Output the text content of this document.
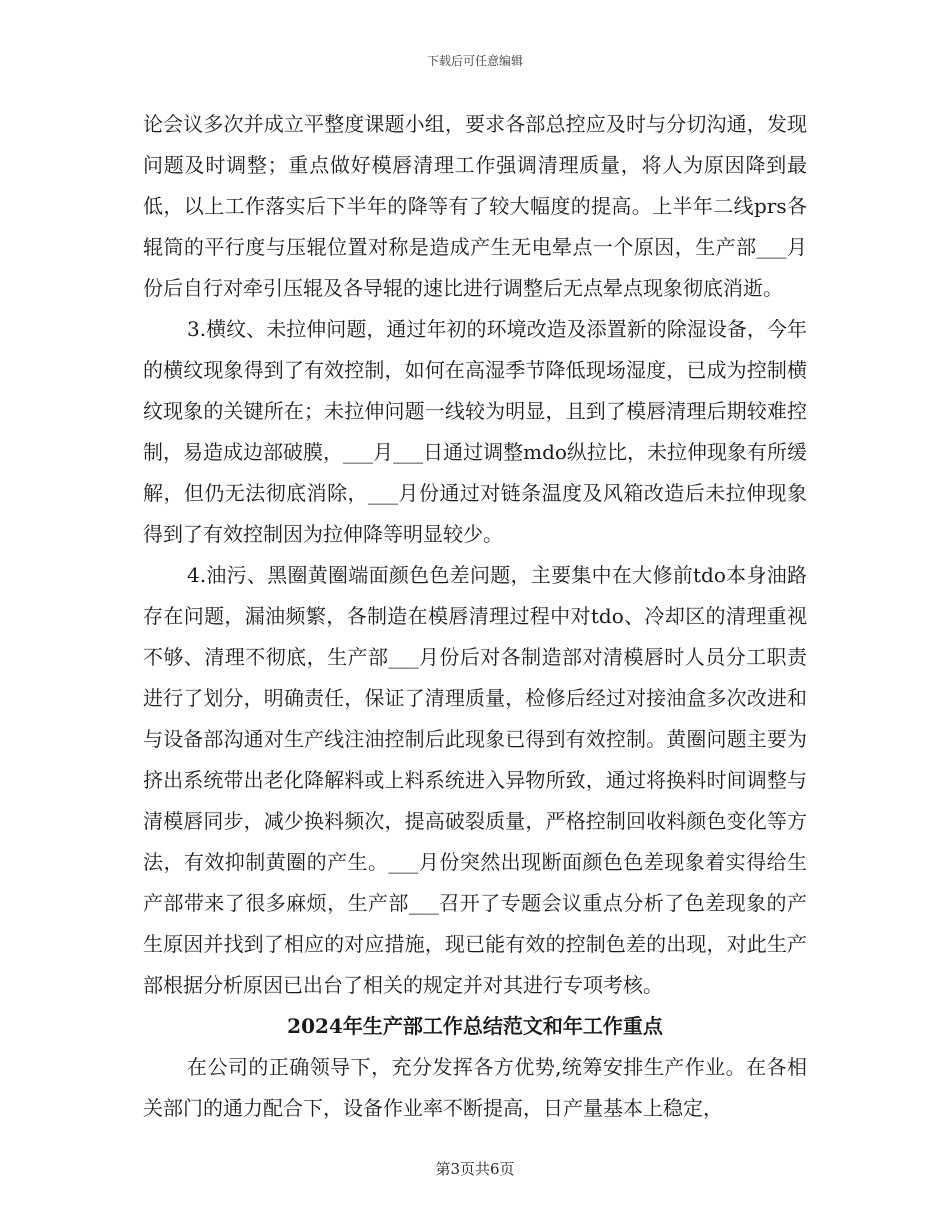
下载后可任意编辑

论会议多次并成立平整度课题小组，要求各部总控应及时与分切沟通，发现问题及时调整；重点做好模唇清理工作强调清理质量，将人为原因降到最低，以上工作落实后下半年的降等有了较大幅度的提高。上半年二线prs各辊筒的平行度与压辊位置对称是造成产生无电晕点一个原因，生产部___月份后自行对牵引压辊及各导辊的速比进行调整后无点晕点现象彻底消逝。

3.横纹、未拉伸问题，通过年初的环境改造及添置新的除湿设备，今年的横纹现象得到了有效控制，如何在高湿季节降低现场湿度，已成为控制横纹现象的关键所在；未拉伸问题一线较为明显，且到了模唇清理后期较难控制，易造成边部破膜，___月___日通过调整mdo纵拉比，未拉伸现象有所缓解，但仍无法彻底消除，___月份通过对链条温度及风箱改造后未拉伸现象得到了有效控制因为拉伸降等明显较少。

4.油污、黑圈黄圈端面颜色色差问题，主要集中在大修前tdo本身油路存在问题，漏油频繁，各制造在模唇清理过程中对tdo、冷却区的清理重视不够、清理不彻底，生产部___月份后对各制造部对清模唇时人员分工职责进行了划分，明确责任，保证了清理质量，检修后经过对接油盒多次改进和与设备部沟通对生产线注油控制后此现象已得到有效控制。黄圈问题主要为挤出系统带出老化降解料或上料系统进入异物所致，通过将换料时间调整与清模唇同步，减少换料频次，提高破裂质量，严格控制回收料颜色变化等方法，有效抑制黄圈的产生。___月份突然出现断面颜色色差现象着实得给生产部带来了很多麻烦，生产部___召开了专题会议重点分析了色差现象的产生原因并找到了相应的对应措施，现已能有效的控制色差的出现，对此生产部根据分析原因已出台了相关的规定并对其进行专项考核。

2024年生产部工作总结范文和年工作重点

在公司的正确领导下，充分发挥各方优势,统筹安排生产作业。在各相关部门的通力配合下，设备作业率不断提高，日产量基本上稳定，

第3页共6页
